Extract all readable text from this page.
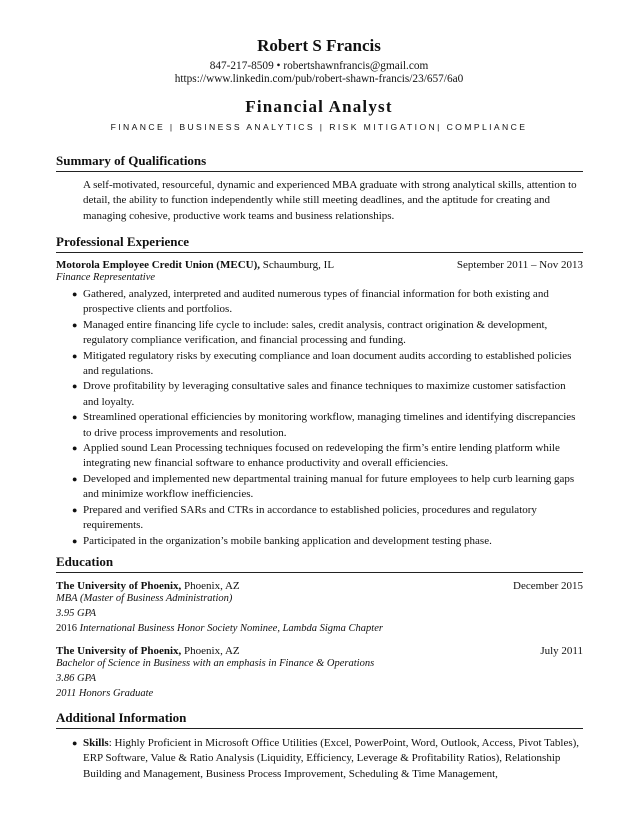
Robert S Francis
847-217-8509 • robertshawnfrancis@gmail.com
https://www.linkedin.com/pub/robert-shawn-francis/23/657/6a0
Financial Analyst
FINANCE | BUSINESS ANALYTICS | RISK MITIGATION| COMPLIANCE
Summary of Qualifications
A self-motivated, resourceful, dynamic and experienced MBA graduate with strong analytical skills, attention to detail, the ability to function independently while still meeting deadlines, and the aptitude for creating and managing cohesive, productive work teams and business relationships.
Professional Experience
Motorola Employee Credit Union (MECU), Schaumburg, IL	September 2011 – Nov 2013
Finance Representative
● Gathered, analyzed, interpreted and audited numerous types of financial information for both existing and prospective clients and portfolios.
● Managed entire financing life cycle to include: sales, credit analysis, contract origination & development, regulatory compliance verification, and financial processing and funding.
● Mitigated regulatory risks by executing compliance and loan document audits according to established policies and regulations.
● Drove profitability by leveraging consultative sales and finance techniques to maximize customer satisfaction and loyalty.
● Streamlined operational efficiencies by monitoring workflow, managing timelines and identifying discrepancies to drive process improvements and resolution.
● Applied sound Lean Processing techniques focused on redeveloping the firm’s entire lending platform while integrating new financial software to enhance productivity and overall efficiencies.
● Developed and implemented new departmental training manual for future employees to help curb learning gaps and minimize workflow inefficiencies.
● Prepared and verified SARs and CTRs in accordance to established policies, procedures and regulatory requirements.
● Participated in the organization’s mobile banking application and development testing phase.
Education
The University of Phoenix, Phoenix, AZ	December 2015
MBA (Master of Business Administration)
3.95 GPA
2016 International Business Honor Society Nominee, Lambda Sigma Chapter
The University of Phoenix, Phoenix, AZ	July 2011
Bachelor of Science in Business with an emphasis in Finance & Operations
3.86 GPA
2011 Honors Graduate
Additional Information
● Skills: Highly Proficient in Microsoft Office Utilities (Excel, PowerPoint, Word, Outlook, Access, Pivot Tables), ERP Software, Value & Ratio Analysis (Liquidity, Efficiency, Leverage & Profitability Ratios), Relationship Building and Management, Business Process Improvement, Scheduling & Time Management,
